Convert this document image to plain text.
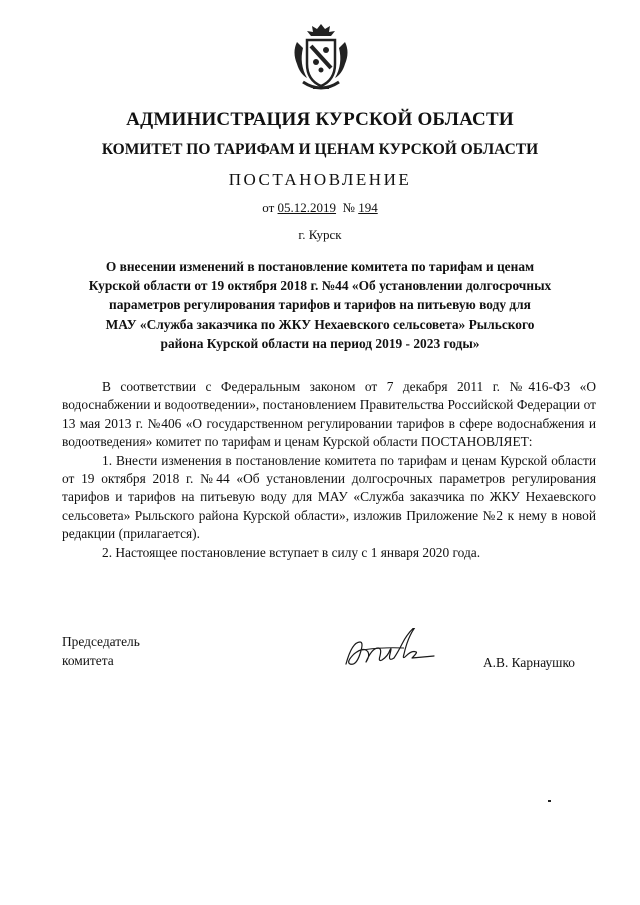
АДМИНИСТРАЦИЯ КУРСКОЙ ОБЛАСТИ
КОМИТЕТ ПО ТАРИФАМ И ЦЕНАМ КУРСКОЙ ОБЛАСТИ
ПОСТАНОВЛЕНИЕ
от 05.12.2019 № 194
г. Курск
О внесении изменений в постановление комитета по тарифам и ценам
Курской области от 19 октября 2018 г. №44 «Об установлении долгосрочных
параметров регулирования тарифов и тарифов на питьевую воду для
МАУ «Служба заказчика по ЖКУ Нехаевского сельсовета» Рыльского
района Курской области на период 2019 - 2023 годы»

В соответствии с Федеральным законом от 7 декабря 2011 г. №416-ФЗ «О водоснабжении и водоотведении», постановлением Правительства Российской Федерации от 13 мая 2013 г. №406 «О государственном регулировании тарифов в сфере водоснабжения и водоотведения» комитет по тарифам и ценам Курской области ПОСТАНОВЛЯЕТ:

1. Внести изменения в постановление комитета по тарифам и ценам Курской области от 19 октября 2018 г. №44 «Об установлении долгосрочных параметров регулирования тарифов и тарифов на питьевую воду для МАУ «Служба заказчика по ЖКУ Нехаевского сельсовета» Рыльского района Курской области», изложив Приложение №2 к нему в новой редакции (прилагается).

2. Настоящее постановление вступает в силу с 1 января 2020 года.

Председатель
комитета	А.В. Карнаушко
